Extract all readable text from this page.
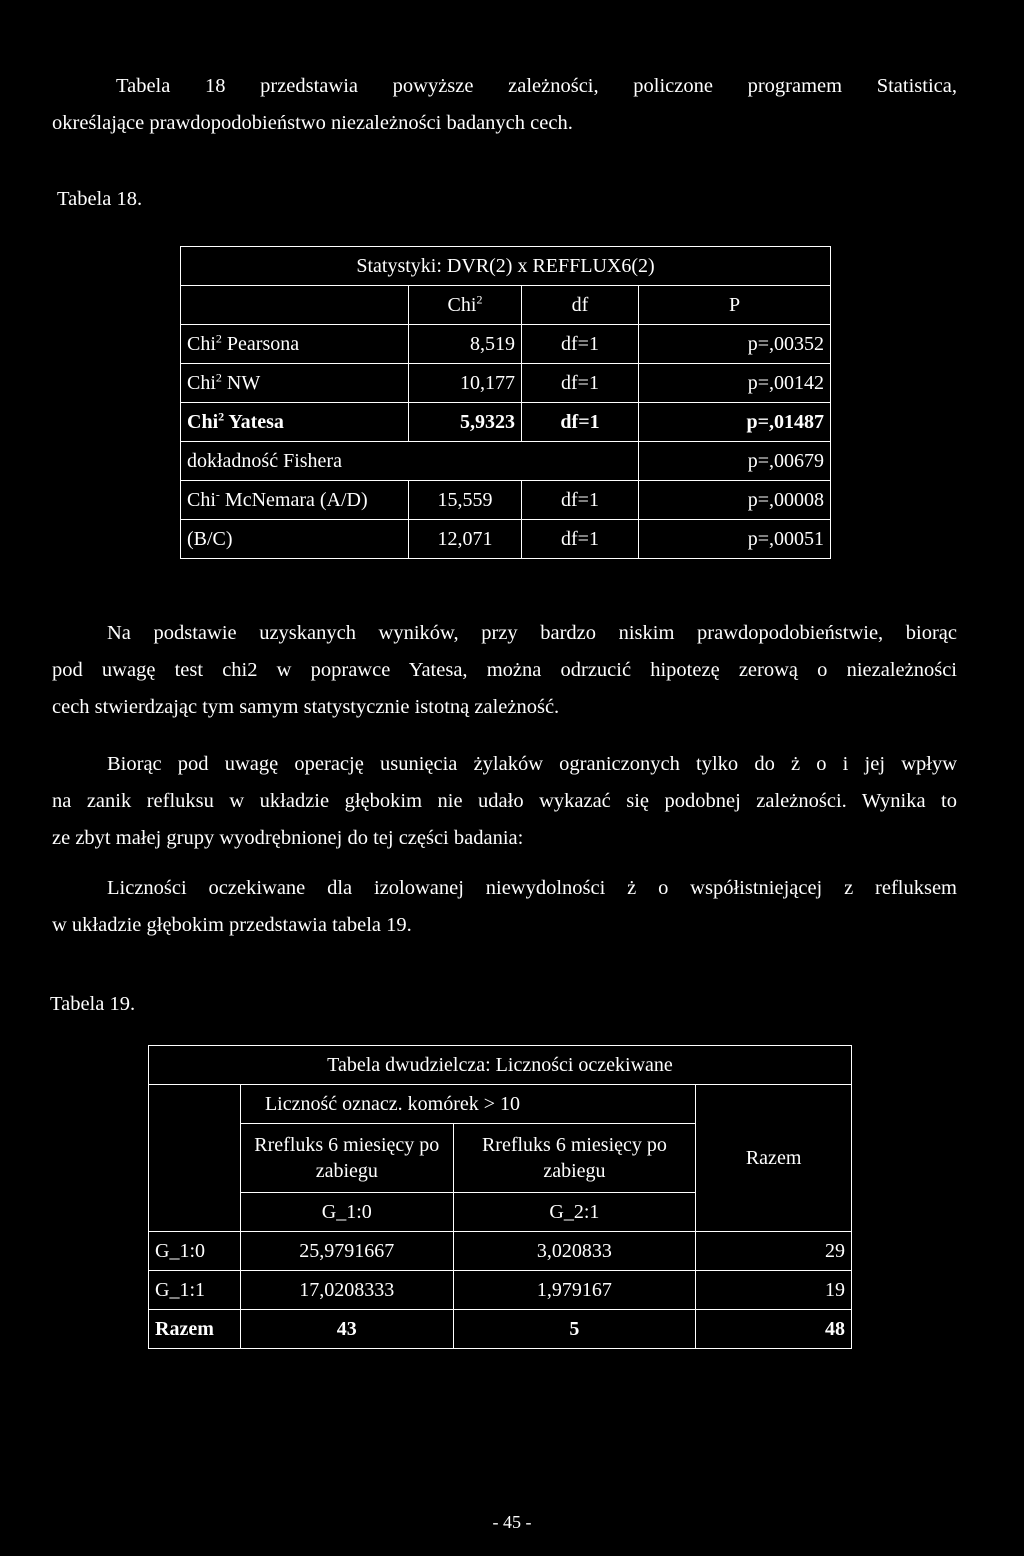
Tabela 18 przedstawia powyższe zależności, policzone programem Statistica,
określające prawdopodobieństwo niezależności badanych cech.
Tabela 18.
Statystyki: DVR(2) x REFFLUX6(2)			
	Chi$^2$	df	P
Chi$^2$ Pearsona	8,519	df=1	p=,00352
Chi$^2$ NW	10,177	df=1	p=,00142
Chi$^2$ Yatesa	5,9323	df=1	p=,01487
dokładność Fishera			p=,00679
Chi- McNemara (A/D)	15,559	df=1	p=,00008
(B/C)	12,071	df=1	p=,00051
Na podstawie uzyskanych wyników, przy bardzo niskim prawdopodobieństwie, biorąc
pod uwagę test chi2 w poprawce Yatesa, można odrzucić hipotezę zerową o niezależności
cech stwierdzając tym samym statystycznie istotną zależność.
Biorąc pod uwagę operację usunięcia żylaków ograniczonych tylko do ż o i jej wpływ
na zanik refluksu w układzie głębokim nie udało wykazać się podobnej zależności. Wynika to
ze zbyt małej grupy wyodrębnionej do tej części badania:
Liczności oczekiwane dla izolowanej niewydolności ż o współistniejącej z refluksem
w układzie głębokim przedstawia tabela 19.
Tabela 19.
Tabela dwudzielcza: Liczności oczekiwane			
	Liczność oznacz. komórek > 10		Razem
	Rrefluks 6 miesięcy po zabiegu	Rrefluks 6 miesięcy po zabiegu	
	G_1:0	G_2:1	
G_1:0	25,9791667	3,020833	29
G_1:1	17,0208333	1,979167	19
Razem	43	5	48
- 45 -
